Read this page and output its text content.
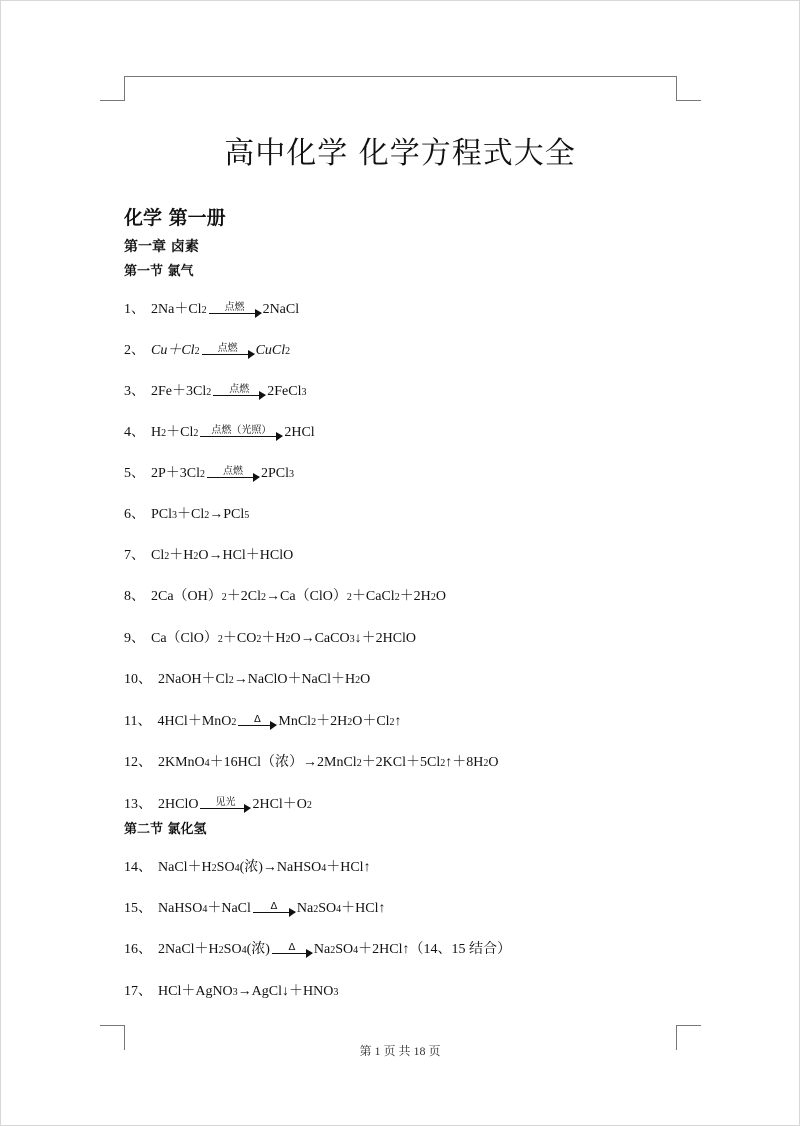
高中化学 化学方程式大全
化学 第一册
第一章 卤素
第一节 氯气
第二节 氯化氢
1、 2Na＋Cl 2 点燃 2NaCl
2、 Cu＋Cl 2 点燃 CuCl 2
3、 2Fe＋3Cl 2 点燃 2FeCl 3
4、 H 2 ＋Cl 2 点燃（光照） 2HCl
5、 2P＋3Cl 2 点燃 2PCl 3
6、 PCl 3 ＋Cl 2 →PCl 5
7、 Cl 2 ＋H 2 O→HCl＋HClO
8、 2Ca（OH） 2 ＋2Cl 2 →Ca（ClO） 2 ＋CaCl 2 ＋2H 2 O
9、 Ca（ClO） 2 ＋CO 2 ＋H 2 O→CaCO 3 ↓＋2HClO
10、 2NaOH＋Cl 2 →NaClO＋NaCl＋H 2 O
11、 4HCl＋MnO 2 Δ MnCl 2 ＋2H 2 O＋Cl 2 ↑
12、 2KMnO 4 ＋16HCl（浓）→2MnCl 2 ＋2KCl＋5Cl 2 ↑＋8H 2 O
13、 2HClO 见光 2HCl＋O 2
14、 NaCl＋H 2 SO 4 (浓)→NaHSO 4 ＋HCl↑
15、 NaHSO 4 ＋NaCl Δ Na 2 SO 4 ＋HCl↑
16、 2NaCl＋H 2 SO 4 (浓) Δ Na 2 SO 4 ＋2HCl↑（14、15 结合）
17、 HCl＋AgNO 3 →AgCl↓＋HNO 3
第 1 页 共 18 页
